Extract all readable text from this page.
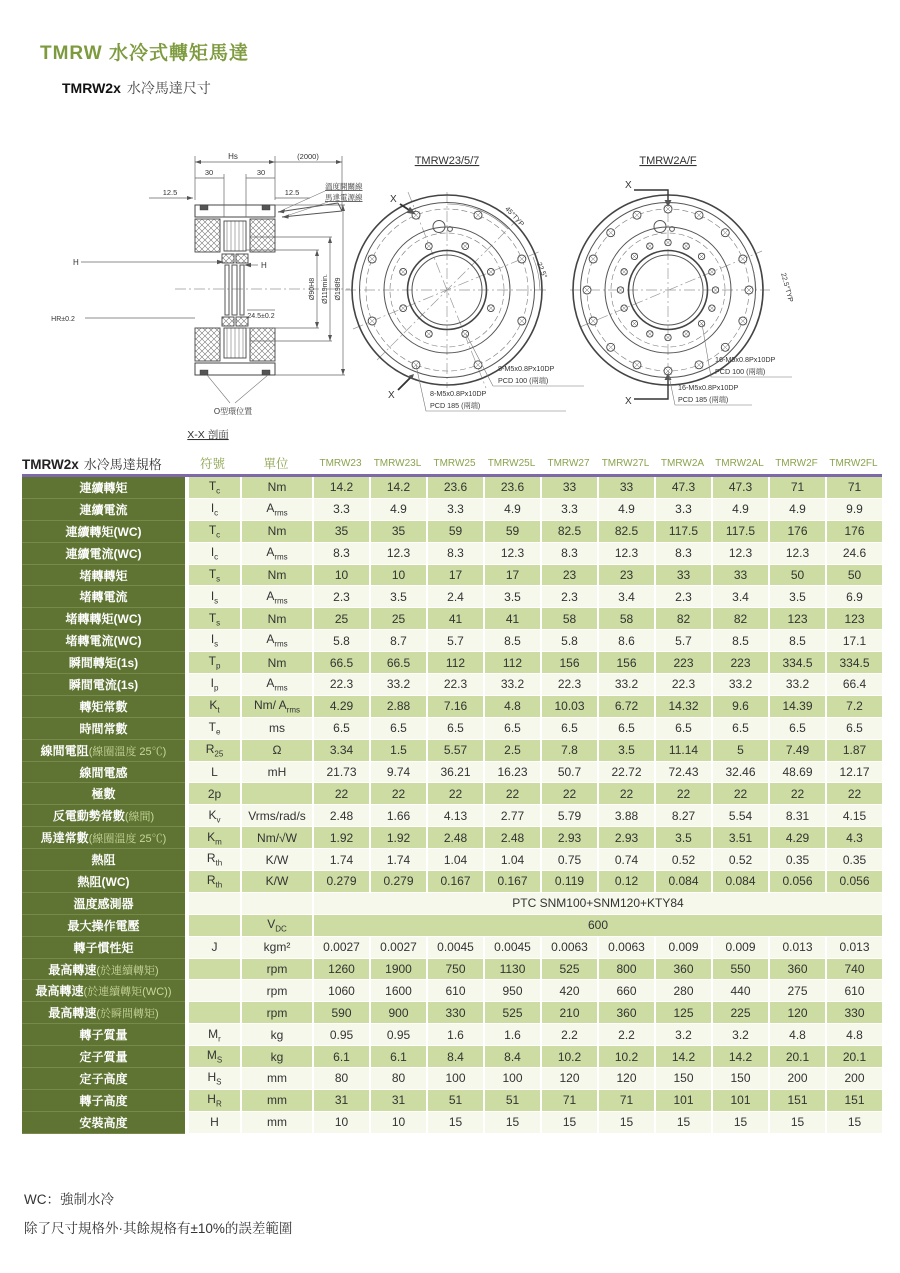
TMRW 水冷式轉矩馬達
TMRW2x 水冷馬達尺寸
溫度開關線
馬達電源線
Hs	(2000)
30	30
12.5	12.5
Ø90H8 Ø119min. Ø198f9
24.5±0.2
H	H
HR±0.2
O型環位置
X-X 剖面
TMRW23/5/7
45°TYP
22.5°
X
X
8-M5x0.8Px10DP
PCD 100 (兩端)
8-M5x0.8Px10DP
PCD 185 (兩端)
TMRW2A/F
22.5°TYP
X
X
16-M5x0.8Px10DP
PCD 100 (兩端)
16-M5x0.8Px10DP
PCD 185 (兩端)
TMRW2x 水冷馬達規格	符號	單位	TMRW23	TMRW23L	TMRW25	TMRW25L	TMRW27	TMRW27L	TMRW2A	TMRW2AL	TMRW2F	TMRW2FL
連續轉矩	$T_c$	Nm	14.2	14.2	23.6	23.6	33	33	47.3	47.3	71	71
連續電流	$I_c$	$A_{rms}$	3.3	4.9	3.3	4.9	3.3	4.9	3.3	4.9	4.9	9.9
連續轉矩(WC)	$T_c$	Nm	35	35	59	59	82.5	82.5	117.5	117.5	176	176
連續電流(WC)	$I_c$	$A_{rms}$	8.3	12.3	8.3	12.3	8.3	12.3	8.3	12.3	12.3	24.6
堵轉轉矩	$T_s$	Nm	10	10	17	17	23	23	33	33	50	50
堵轉電流	$I_s$	$A_{rms}$	2.3	3.5	2.4	3.5	2.3	3.4	2.3	3.4	3.5	6.9
堵轉轉矩(WC)	$T_s$	Nm	25	25	41	41	58	58	82	82	123	123
堵轉電流(WC)	$I_s$	$A_{rms}$	5.8	8.7	5.7	8.5	5.8	8.6	5.7	8.5	8.5	17.1
瞬間轉矩(1s)	$T_p$	Nm	66.5	66.5	112	112	156	156	223	223	334.5	334.5
瞬間電流(1s)	$I_p$	$A_{rms}$	22.3	33.2	22.3	33.2	22.3	33.2	22.3	33.2	33.2	66.4
轉矩常數	$K_t$	Nm/ $A_{rms}$	4.29	2.88	7.16	4.8	10.03	6.72	14.32	9.6	14.39	7.2
時間常數	$T_e$	ms	6.5	6.5	6.5	6.5	6.5	6.5	6.5	6.5	6.5	6.5
線間電阻(線圈溫度 25℃)	$R_{25}$	Ω	3.34	1.5	5.57	2.5	7.8	3.5	11.14	5	7.49	1.87
線間電感	L	mH	21.73	9.74	36.21	16.23	50.7	22.72	72.43	32.46	48.69	12.17
極數	2p		22	22	22	22	22	22	22	22	22	22
反電動勢常數(線間)	$K_v$	Vrms/rad/s	2.48	1.66	4.13	2.77	5.79	3.88	8.27	5.54	8.31	4.15
馬達常數(線圈溫度 25℃)	$K_m$	Nm/√W	1.92	1.92	2.48	2.48	2.93	2.93	3.5	3.51	4.29	4.3
熱阻	$R_{th}$	K/W	1.74	1.74	1.04	1.04	0.75	0.74	0.52	0.52	0.35	0.35
熱阻(WC)	$R_{th}$	K/W	0.279	0.279	0.167	0.167	0.119	0.12	0.084	0.084	0.056	0.056
溫度感測器			PTC SNM100+SNM120+KTY84									
最大操作電壓		$V_{DC}$	600									
轉子慣性矩	J	kgm²	0.0027	0.0027	0.0045	0.0045	0.0063	0.0063	0.009	0.009	0.013	0.013
最高轉速(於連續轉矩)		rpm	1260	1900	750	1130	525	800	360	550	360	740
最高轉速(於連續轉矩(WC))		rpm	1060	1600	610	950	420	660	280	440	275	610
最高轉速(於瞬間轉矩)		rpm	590	900	330	525	210	360	125	225	120	330
轉子質量	$M_r$	kg	0.95	0.95	1.6	1.6	2.2	2.2	3.2	3.2	4.8	4.8
定子質量	$M_S$	kg	6.1	6.1	8.4	8.4	10.2	10.2	14.2	14.2	20.1	20.1
定子高度	$H_S$	mm	80	80	100	100	120	120	150	150	200	200
轉子高度	$H_R$	mm	31	31	51	51	71	71	101	101	151	151
安裝高度	H	mm	10	10	15	15	15	15	15	15	15	15
WC：強制水冷
除了尺寸規格外·其餘規格有±10%的誤差範圍
